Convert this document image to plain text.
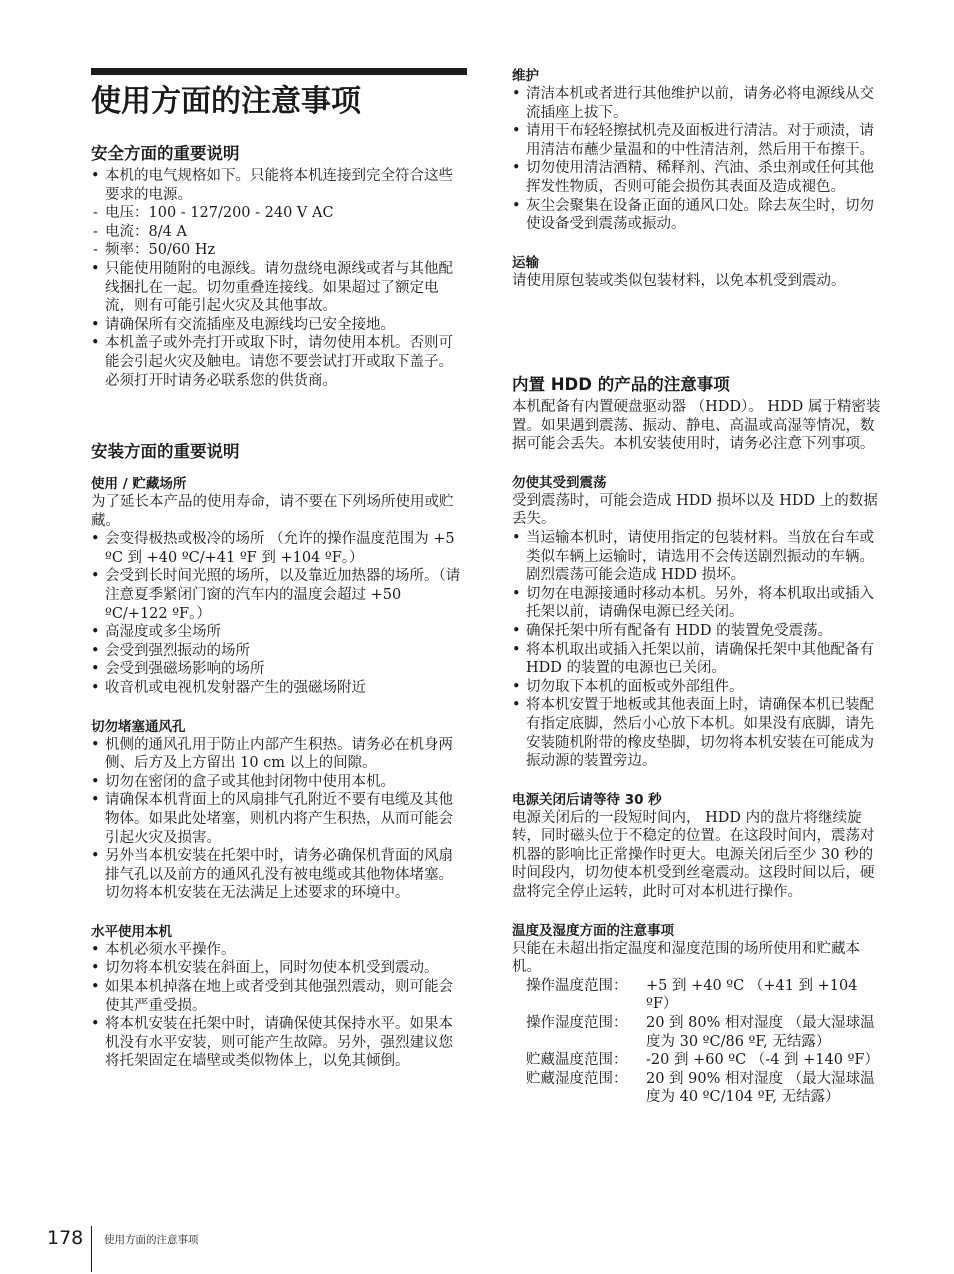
使用方面的注意事项
安全方面的重要说明
• 本机的电气规格如下。只能将本机连接到完全符合这些要求的电源。
- 电压：100 - 127/200 - 240 V AC
- 电流：8/4 A
- 频率：50/60 Hz
• 只能使用随附的电源线。请勿盘绕电源线或者与其他配线捆扎在一起。切勿重叠连接线。如果超过了额定电流，则有可能引起火灾及其他事故。
• 请确保所有交流插座及电源线均已安全接地。
• 本机盖子或外壳打开或取下时，请勿使用本机。否则可能会引起火灾及触电。请您不要尝试打开或取下盖子。必须打开时请务必联系您的供货商。
安装方面的重要说明
使用 / 贮藏场所

为了延长本产品的使用寿命，请不要在下列场所使用或贮藏。

• 会变得极热或极冷的场所 （允许的操作温度范围为 +5 ºC 到 +40 ºC/+41 ºF 到 +104 ºF。）
• 会受到长时间光照的场所，以及靠近加热器的场所。（请注意夏季紧闭门窗的汽车内的温度会超过 +50 ºC/+122 ºF。）
• 高湿度或多尘场所
• 会受到强烈振动的场所
• 会受到强磁场影响的场所
• 收音机或电视机发射器产生的强磁场附近
切勿堵塞通风孔
• 机侧的通风孔用于防止内部产生积热。请务必在机身两侧、后方及上方留出 10 cm 以上的间隙。
• 切勿在密闭的盒子或其他封闭物中使用本机。
• 请确保本机背面上的风扇排气孔附近不要有电缆及其他物体。如果此处堵塞，则机内将产生积热，从而可能会引起火灾及损害。
• 另外当本机安装在托架中时，请务必确保机背面的风扇排气孔以及前方的通风孔没有被电缆或其他物体堵塞。切勿将本机安装在无法满足上述要求的环境中。
水平使用本机
• 本机必须水平操作。
• 切勿将本机安装在斜面上，同时勿使本机受到震动。
• 如果本机掉落在地上或者受到其他强烈震动，则可能会使其严重受损。
• 将本机安装在托架中时，请确保使其保持水平。如果本机没有水平安装，则可能产生故障。另外，强烈建议您将托架固定在墙壁或类似物体上，以免其倾倒。
维护
• 清洁本机或者进行其他维护以前，请务必将电源线从交流插座上拔下。
• 请用干布轻轻擦拭机壳及面板进行清洁。对于顽渍，请用清洁布蘸少量温和的中性清洁剂，然后用干布擦干。
• 切勿使用清洁酒精、稀释剂、汽油、杀虫剂或任何其他挥发性物质，否则可能会损伤其表面及造成褪色。
• 灰尘会聚集在设备正面的通风口处。除去灰尘时，切勿使设备受到震荡或振动。
运输

请使用原包装或类似包装材料，以免本机受到震动。

内置 HDD 的产品的注意事项

本机配备有内置硬盘驱动器 （HDD）。 HDD 属于精密装置。如果遇到震荡、振动、静电、高温或高湿等情况，数据可能会丢失。本机安装使用时，请务必注意下列事项。

勿使其受到震荡

受到震荡时，可能会造成 HDD 损坏以及 HDD 上的数据丢失。

• 当运输本机时，请使用指定的包装材料。当放在台车或类似车辆上运输时，请选用不会传送剧烈振动的车辆。剧烈震荡可能会造成 HDD 损坏。
• 切勿在电源接通时移动本机。另外，将本机取出或插入托架以前，请确保电源已经关闭。
• 确保托架中所有配备有 HDD 的装置免受震荡。
• 将本机取出或插入托架以前，请确保托架中其他配备有 HDD 的装置的电源也已关闭。
• 切勿取下本机的面板或外部组件。
• 将本机安置于地板或其他表面上时，请确保本机已装配有指定底脚，然后小心放下本机。如果没有底脚，请先安装随机附带的橡皮垫脚，切勿将本机安装在可能成为振动源的装置旁边。
电源关闭后请等待 30 秒

电源关闭后的一段短时间内， HDD 内的盘片将继续旋转，同时磁头位于不稳定的位置。在这段时间内，震荡对机器的影响比正常操作时更大。电源关闭后至少 30 秒的时间段内，切勿使本机受到丝毫震动。这段时间以后，硬盘将完全停止运转，此时可对本机进行操作。

温度及湿度方面的注意事项

只能在未超出指定温度和湿度范围的场所使用和贮藏本机。

操作温度范围：	+5 到 +40 ºC （+41 到 +104 ºF）
操作湿度范围：	20 到 80% 相对湿度 （最大湿球温度为 30 ºC/86 ºF, 无结露）
贮藏温度范围：	-20 到 +60 ºC （-4 到 +140 ºF）
贮藏湿度范围：	20 到 90% 相对湿度 （最大湿球温度为 40 ºC/104 ºF, 无结露）
178 使用方面的注意事项
